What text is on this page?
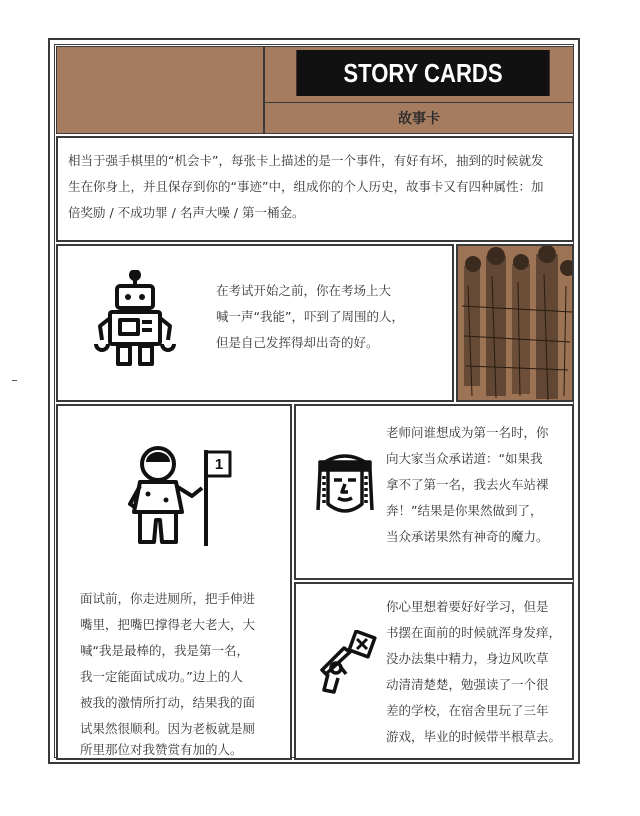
STORY CARDS
故事卡
相当于强手棋里的“机会卡”，每张卡上描述的是一个事件，有好有坏，抽到的时候就发
生在你身上，并且保存到你的“事迹”中，组成你的个人历史，故事卡又有四种属性：加
倍奖励 / 不成功罪 / 名声大噪 / 第一桶金。
在考试开始之前，你在考场上大
喊一声“我能”，吓到了周围的人，
但是自己发挥得却出奇的好。
1
面试前，你走进厕所，把手伸进
嘴里，把嘴巴撑得老大老大，大
喊“我是最棒的，我是第一名，
我一定能面试成功。”边上的人
被我的激情所打动，结果我的面
试果然很顺利。因为老板就是厕
所里那位对我赞赏有加的人。
老师问谁想成为第一名时，你
向大家当众承诺道：“如果我
拿不了第一名，我去火车站裸
奔！”结果是你果然做到了，
当众承诺果然有神奇的魔力。
你心里想着要好好学习，但是
书摆在面前的时候就浑身发痒，
没办法集中精力，身边风吹草
动清清楚楚，勉强读了一个很
差的学校，在宿舍里玩了三年
游戏，毕业的时候带半根草去。
